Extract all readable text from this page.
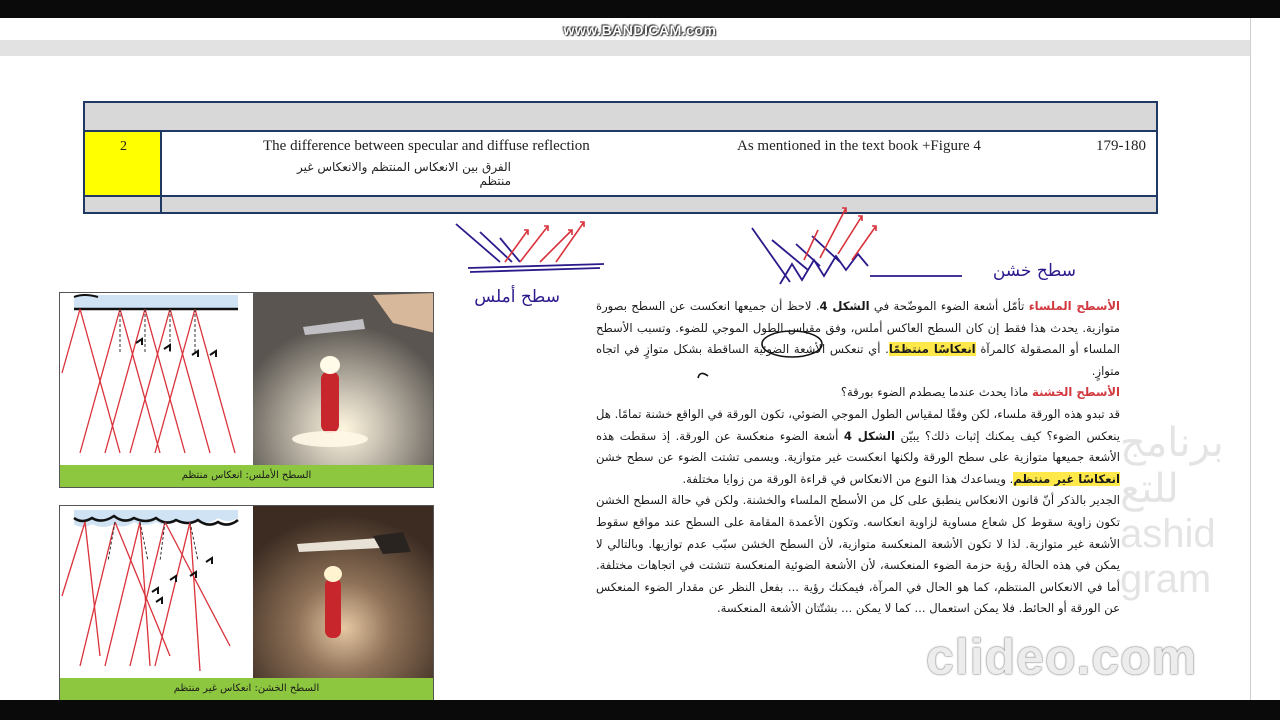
www.BANDICAM.com
برنامج
للتع
ashid
gram
2	The difference between specular and diffuse reflection
الفرق بين الانعكاس المنتظم والانعكاس غير منتظم
As mentioned in the text book +Figure 4	179-180
السطح الأملس: انعكاس منتظم
السطح الخشن: انعكاس غير منتظم

الأسطح الملساء تأمّل أشعة الضوء الموضّحة في الشكل 4. لاحظ أن جميعها انعكست عن السطح بصورة متوازية. يحدث هذا فقط إن كان السطح العاكس أملس، وفق مقياس الطول الموجي للضوء. وتسبب الأسطح الملساء أو المصقولة كالمرآة انعكاسًا منتظمًا. أي تنعكس الأشعة الضوئية الساقطة بشكل متوازٍ في اتجاه متوازٍ.

الأسطح الخشنة ماذا يحدث عندما يصطدم الضوء بورقة؟

قد تبدو هذه الورقة ملساء، لكن وفقًا لمقياس الطول الموجي الضوئي، تكون الورقة في الواقع خشنة تمامًا. هل ينعكس الضوء؟ كيف يمكنك إثبات ذلك؟ يبيّن الشكل 4 أشعة الضوء منعكسة عن الورقة. إذ سقطت هذه الأشعة جميعها متوازية على سطح الورقة ولكنها انعكست غير متوازية. ويسمى تشتت الضوء عن سطح خشن انعكاسًا غير منتظم. ويساعدك هذا النوع من الانعكاس في قراءة الورقة من زوايا مختلفة.

الجدير بالذكر أنّ قانون الانعكاس ينطبق على كل من الأسطح الملساء والخشنة. ولكن في حالة السطح الخشن تكون زاوية سقوط كل شعاع مساوية لزاوية انعكاسه. وتكون الأعمدة المقامة على السطح عند مواقع سقوط الأشعة غير متوازية. لذا لا تكون الأشعة المنعكسة متوازية، لأن السطح الخشن سبّب عدم توازيها. وبالتالي لا يمكن في هذه الحالة رؤية حزمة الضوء المنعكسة، لأن الأشعة الضوئية المنعكسة تتشتت في اتجاهات مختلفة. أما في الانعكاس المنتظم، كما هو الحال في المرآة، فيمكنك رؤية ... بفعل النظر عن مقدار الضوء المنعكس عن الورقة أو الحائط. فلا يمكن استعمال ... كما لا يمكن ... بشتّتان الأشعة المنعكسة.

سطح أملس
سطح خشن
clideo.com
